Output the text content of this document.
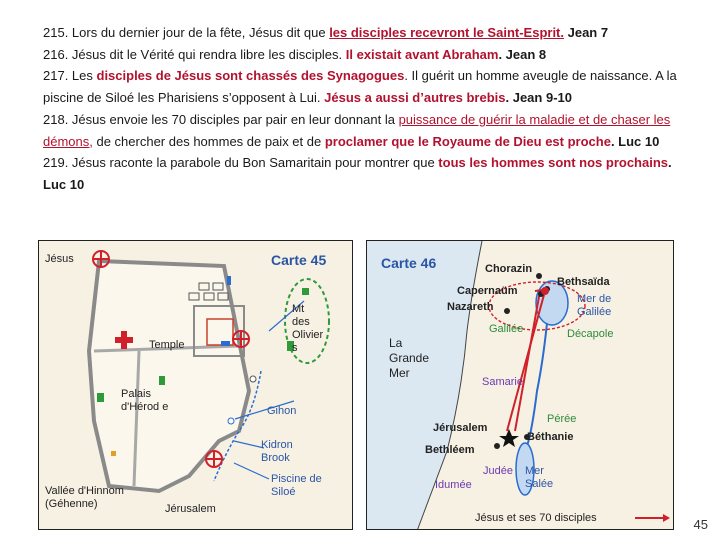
215. Lors du dernier jour de la fête, Jésus dit que les disciples recevront le Saint-Esprit. Jean 7

216. Jésus dit le Vérité qui rendra libre les disciples. Il existait avant Abraham. Jean 8

217. Les disciples de Jésus sont chassés des Synagogues. Il guérit un homme aveugle de naissance. A la piscine de Siloé les Pharisiens s’opposent à Lui. Jésus a aussi d’autres brebis. Jean 9-10

218. Jésus envoie les 70 disciples par pair en leur donnant la puissance de guérir la maladie et de chaser les démons, de chercher des hommes de paix et de proclamer que le Royaume de Dieu est proche. Luc 10

219. Jésus raconte la parabole du Bon Samaritain pour montrer que tous les hommes sont nos prochains. Luc 10

Jésus	Carte 45
Mt des Olivier s
Temple
Palais d'Hérod e	Gihon
Kidron Brook
Piscine de Siloé
Vallée d'Hinnom (Géhenne)	Jérusalem
Carte 46	Chorazin
Bethsaïda
Capernaüm
Nazareth
Mer de Galilée
Galilée	Décapole
La Grande Mer
Samarie
Pérée
Jérusalem
Béthanie
Bethléem
Judée
Idumée
Mer Salée
Jésus et ses 70 disciples	45
